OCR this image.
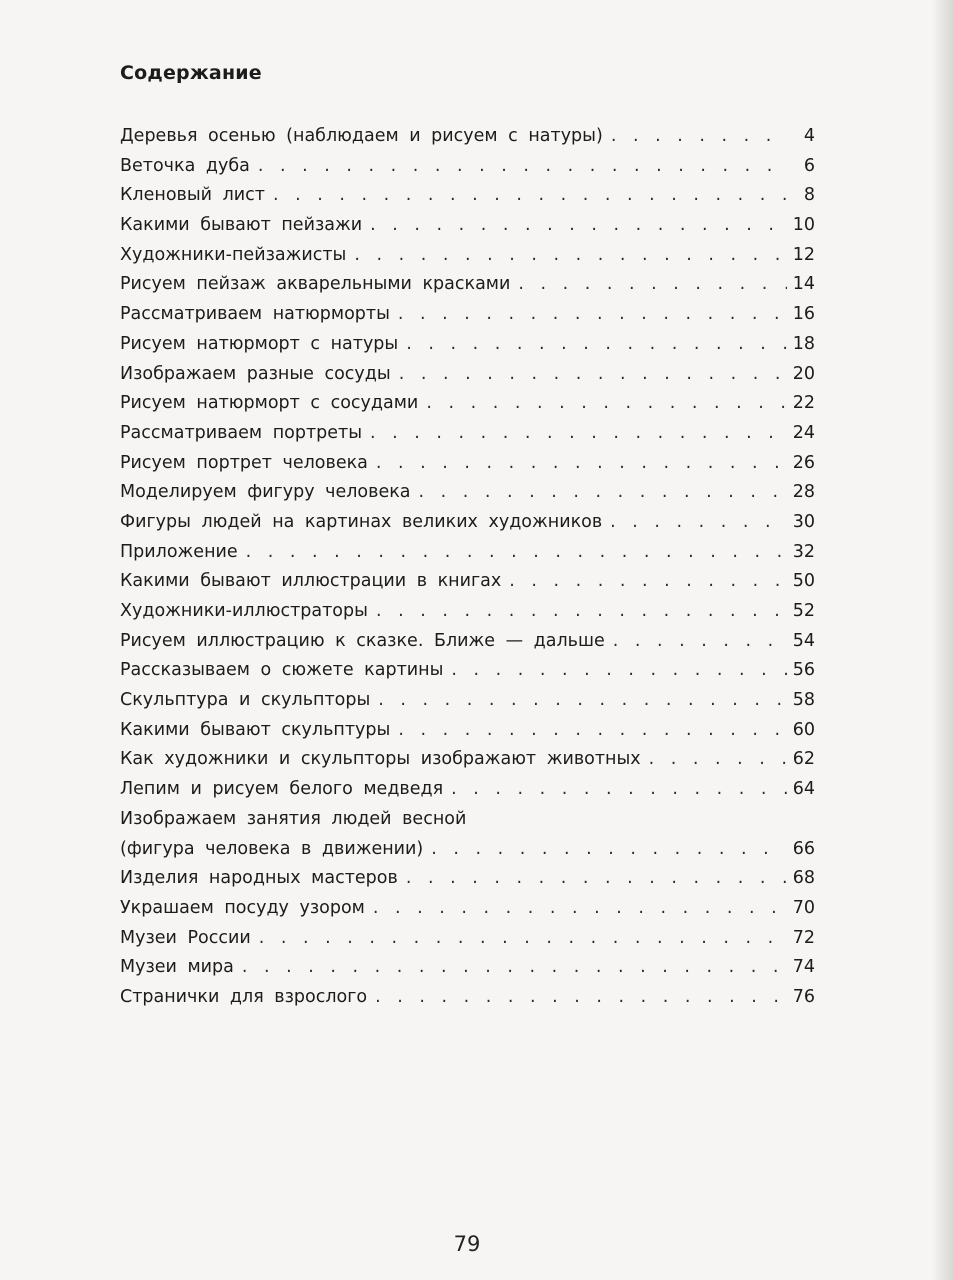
Содержание
Деревья осенью (наблюдаем и рисуем с натуры) . . .	4
Веточка дуба . . .	6
Кленовый лист . . .	8
Какими бывают пейзажи . . .	10
Художники-пейзажисты . . .	12
Рисуем пейзаж акварельными красками . . .	14
Рассматриваем натюрморты . . .	16
Рисуем натюрморт с натуры . . .	18
Изображаем разные сосуды . . .	20
Рисуем натюрморт с сосудами . . .	22
Рассматриваем портреты . . .	24
Рисуем портрет человека . . .	26
Моделируем фигуру человека . . .	28
Фигуры людей на картинах великих художников . . .	30
Приложение . . .	32
Какими бывают иллюстрации в книгах . . .	50
Художники-иллюстраторы . . .	52
Рисуем иллюстрацию к сказке. Ближе — дальше . . .	54
Рассказываем о сюжете картины . . .	56
Скульптура и скульпторы . . .	58
Какими бывают скульптуры . . .	60
Как художники и скульпторы изображают животных . . .	62
Лепим и рисуем белого медведя . . .	64
Изображаем занятия людей весной
(фигура человека в движении) . . .	66
Изделия народных мастеров . . .	68
Украшаем посуду узором . . .	70
Музеи России . . .	72
Музеи мира . . .	74
Странички для взрослого . . .	76
79
